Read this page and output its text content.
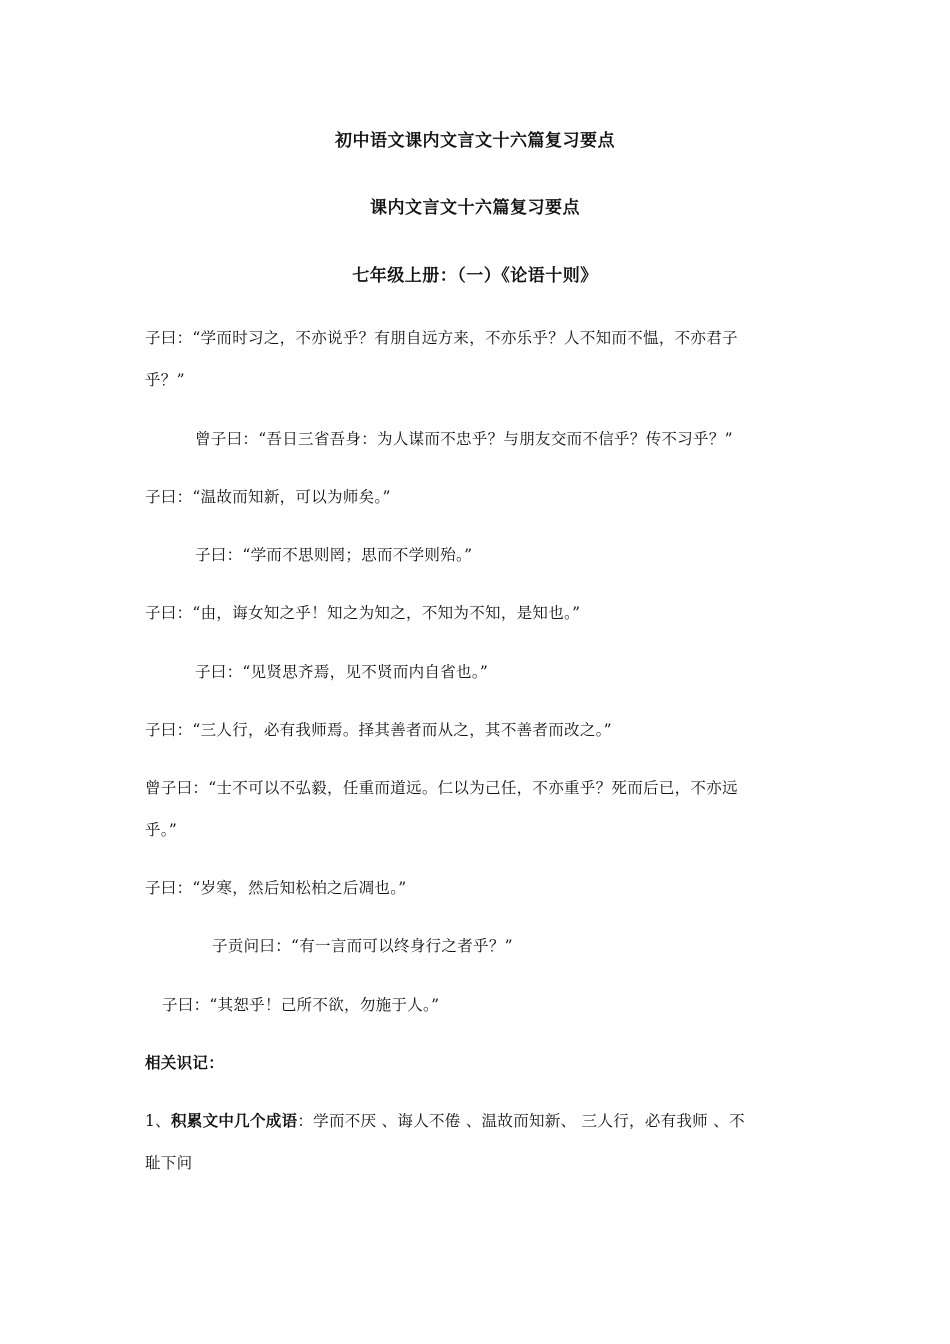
初中语文课内文言文十六篇复习要点
课内文言文十六篇复习要点
七年级上册：（一）《论语十则》
子曰：“学而时习之，不亦说乎？有朋自远方来，不亦乐乎？人不知而不愠，不亦君子
乎？”
曾子曰：“吾日三省吾身：为人谋而不忠乎？与朋友交而不信乎？传不习乎？”
子曰：“温故而知新，可以为师矣。”
子曰：“学而不思则罔；思而不学则殆。”
子曰：“由，诲女知之乎！知之为知之，不知为不知，是知也。”
子曰：“见贤思齐焉，见不贤而内自省也。”
子曰：“三人行，必有我师焉。择其善者而从之，其不善者而改之。”
曾子曰：“士不可以不弘毅，任重而道远。仁以为己任，不亦重乎？死而后已，不亦远
乎。”
子曰：“岁寒，然后知松柏之后凋也。”
子贡问曰：“有一言而可以终身行之者乎？”
子曰：“其恕乎！己所不欲，勿施于人。”
相关识记：
1、积累文中几个成语：学而不厌 、诲人不倦 、温故而知新、 三人行，必有我师 、不
耻下问
